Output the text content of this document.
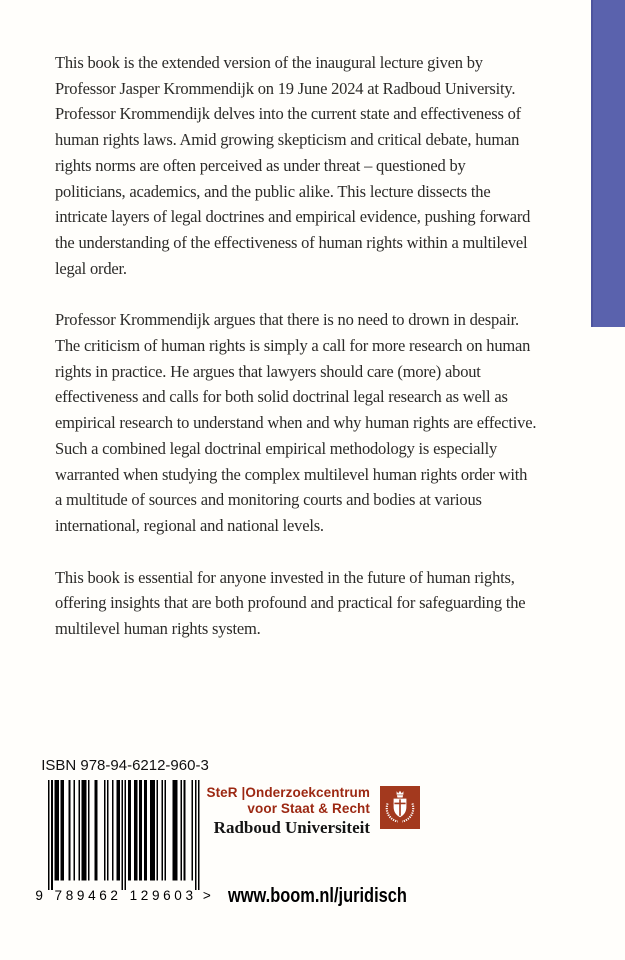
This book is the extended version of the inaugural lecture given by Professor Jasper Krommendijk on 19 June 2024 at Radboud University. Professor Krommendijk delves into the current state and effectiveness of human rights laws. Amid growing skepticism and critical debate, human rights norms are often perceived as under threat – questioned by politicians, academics, and the public alike. This lecture dissects the intricate layers of legal doctrines and empirical evidence, pushing forward the understanding of the effectiveness of human rights within a multilevel legal order.

Professor Krommendijk argues that there is no need to drown in despair. The criticism of human rights is simply a call for more research on human rights in practice. He argues that lawyers should care (more) about effectiveness and calls for both solid doctrinal legal research as well as empirical research to understand when and why human rights are effective. Such a combined legal doctrinal empirical methodology is especially warranted when studying the complex multilevel human rights order with a multitude of sources and monitoring courts and bodies at various international, regional and national levels.

This book is essential for anyone invested in the future of human rights, offering insights that are both profound and practical for safeguarding the multilevel human rights system.

ISBN 978-94-6212-960-3
9 7	1
8	2
9	9
4	6
6	0
2	3 >
SteR |Onderzoekcentrum
voor Staat & Recht
Radboud Universiteit
www.boom.nl/juridisch
